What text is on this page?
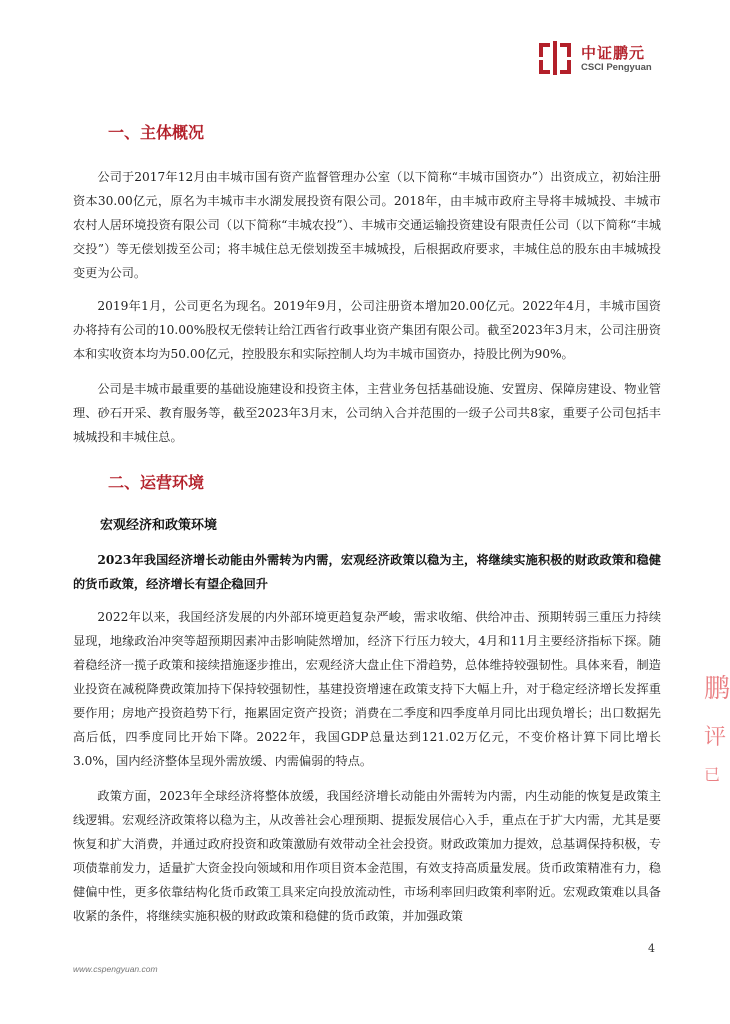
中证鹏元
CSCI Pengyuan
一、主体概况

公司于2017年12月由丰城市国有资产监督管理办公室（以下简称“丰城市国资办”）出资成立，初始注册资本30.00亿元，原名为丰城市丰水湖发展投资有限公司。2018年，由丰城市政府主导将丰城城投、丰城市农村人居环境投资有限公司（以下简称“丰城农投”）、丰城市交通运输投资建设有限责任公司（以下简称“丰城交投”）等无偿划拨至公司；将丰城住总无偿划拨至丰城城投，后根据政府要求，丰城住总的股东由丰城城投变更为公司。

2019年1月，公司更名为现名。2019年9月，公司注册资本增加20.00亿元。2022年4月，丰城市国资办将持有公司的10.00%股权无偿转让给江西省行政事业资产集团有限公司。截至2023年3月末，公司注册资本和实收资本均为50.00亿元，控股股东和实际控制人均为丰城市国资办，持股比例为90%。

公司是丰城市最重要的基础设施建设和投资主体，主营业务包括基础设施、安置房、保障房建设、物业管理、砂石开采、教育服务等，截至2023年3月末，公司纳入合并范围的一级子公司共8家，重要子公司包括丰城城投和丰城住总。

二、运营环境
宏观经济和政策环境

2023年我国经济增长动能由外需转为内需，宏观经济政策以稳为主，将继续实施积极的财政政策和稳健的货币政策，经济增长有望企稳回升

2022年以来，我国经济发展的内外部环境更趋复杂严峻，需求收缩、供给冲击、预期转弱三重压力持续显现，地缘政治冲突等超预期因素冲击影响陡然增加，经济下行压力较大，4月和11月主要经济指标下探。随着稳经济一揽子政策和接续措施逐步推出，宏观经济大盘止住下滑趋势，总体维持较强韧性。具体来看，制造业投资在减税降费政策加持下保持较强韧性，基建投资增速在政策支持下大幅上升，对于稳定经济增长发挥重要作用；房地产投资趋势下行，拖累固定资产投资；消费在二季度和四季度单月同比出现负增长；出口数据先高后低，四季度同比开始下降。2022年，我国GDP总量达到121.02万亿元，不变价格计算下同比增长3.0%，国内经济整体呈现外需放缓、内需偏弱的特点。

政策方面，2023年全球经济将整体放缓，我国经济增长动能由外需转为内需，内生动能的恢复是政策主线逻辑。宏观经济政策将以稳为主，从改善社会心理预期、提振发展信心入手，重点在于扩大内需，尤其是要恢复和扩大消费，并通过政府投资和政策激励有效带动全社会投资。财政政策加力提效，总基调保持积极，专项债靠前发力，适量扩大资金投向领域和用作项目资本金范围，有效支持高质量发展。货币政策精准有力，稳健偏中性，更多依靠结构化货币政策工具来定向投放流动性，市场利率回归政策利率附近。宏观政策难以具备收紧的条件，将继续实施积极的财政政策和稳健的货币政策，并加强政策

4
www.cspengyuan.com
鹏
评
已
